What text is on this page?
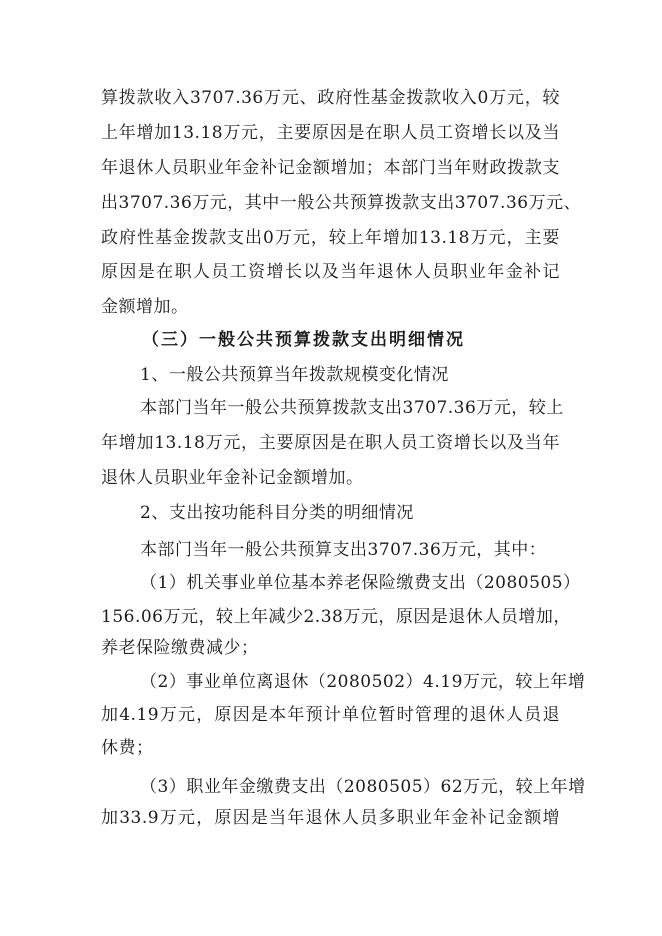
算拨款收入3707.36万元、政府性基金拨款收入0万元，较
上年增加13.18万元，主要原因是在职人员工资增长以及当
年退休人员职业年金补记金额增加；本部门当年财政拨款支
出3707.36万元，其中一般公共预算拨款支出3707.36万元、
政府性基金拨款支出0万元，较上年增加13.18万元，主要
原因是在职人员工资增长以及当年退休人员职业年金补记
金额增加。
（三）一般公共预算拨款支出明细情况
1、一般公共预算当年拨款规模变化情况
本部门当年一般公共预算拨款支出3707.36万元，较上
年增加13.18万元，主要原因是在职人员工资增长以及当年
退休人员职业年金补记金额增加。
2、支出按功能科目分类的明细情况
本部门当年一般公共预算支出3707.36万元，其中：
（1）机关事业单位基本养老保险缴费支出（2080505）
156.06万元，较上年减少2.38万元，原因是退休人员增加，
养老保险缴费减少；
（2）事业单位离退休（2080502）4.19万元，较上年增
加4.19万元，原因是本年预计单位暂时管理的退休人员退
休费；
（3）职业年金缴费支出（2080505）62万元，较上年增
加33.9万元，原因是当年退休人员多职业年金补记金额增
